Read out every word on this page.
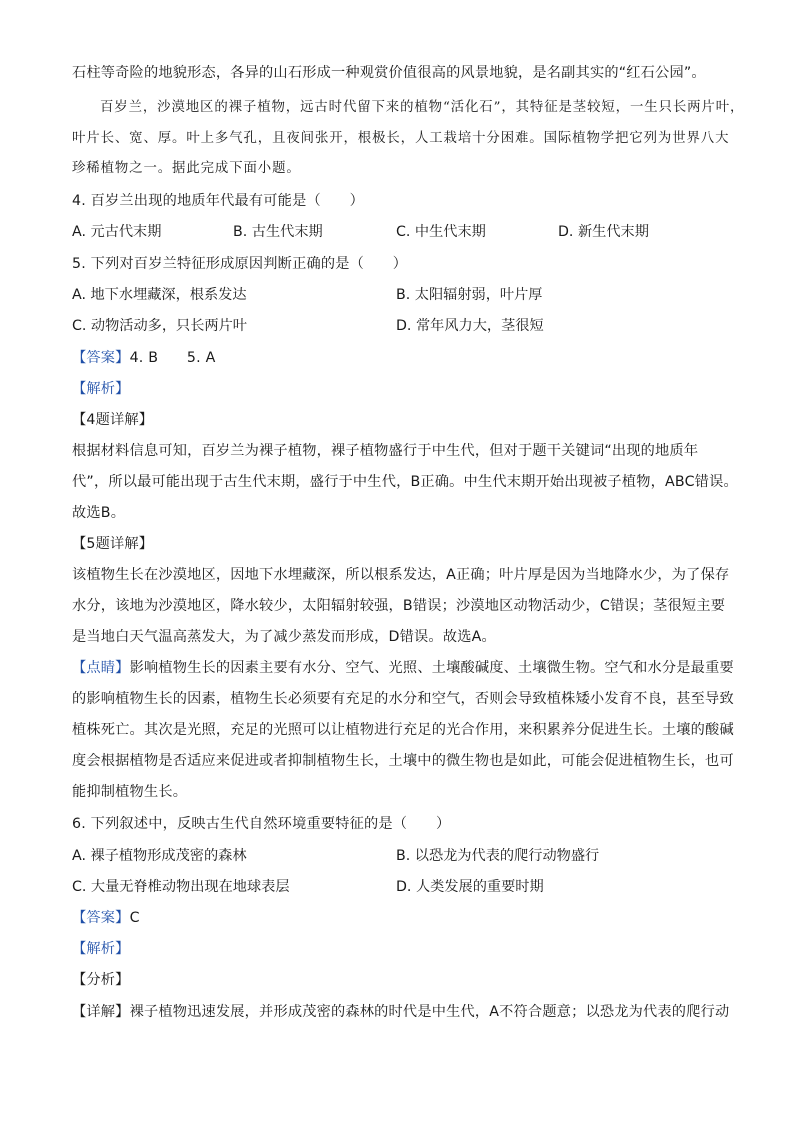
石柱等奇险的地貌形态，各异的山石形成一种观赏价值很高的风景地貌，是名副其实的“红石公园”。
百岁兰，沙漠地区的裸子植物，远古时代留下来的植物“活化石”，其特征是茎较短，一生只长两片叶，
叶片长、宽、厚。叶上多气孔，且夜间张开，根极长，人工栽培十分困难。国际植物学把它列为世界八大
珍稀植物之一。据此完成下面小题。
4. 百岁兰出现的地质年代最有可能是（　　）
A. 元古代末期	B. 古生代末期	C. 中生代末期	D. 新生代末期
5. 下列对百岁兰特征形成原因判断正确的是（　　）
A. 地下水埋藏深，根系发达	B. 太阳辐射弱，叶片厚
C. 动物活动多，只长两片叶	D. 常年风力大，茎很短
【答案】4. B　　5. A
【解析】
【4题详解】
根据材料信息可知，百岁兰为裸子植物，裸子植物盛行于中生代，但对于题干关键词“出现的地质年
代”，所以最可能出现于古生代末期，盛行于中生代，B正确。中生代末期开始出现被子植物，ABC错误。
故选B。
【5题详解】
该植物生长在沙漠地区，因地下水埋藏深，所以根系发达，A正确；叶片厚是因为当地降水少，为了保存
水分，该地为沙漠地区，降水较少，太阳辐射较强，B错误；沙漠地区动物活动少，C错误；茎很短主要
是当地白天气温高蒸发大，为了减少蒸发而形成，D错误。故选A。
【点睛】影响植物生长的因素主要有水分、空气、光照、土壤酸碱度、土壤微生物。空气和水分是最重要
的影响植物生长的因素，植物生长必须要有充足的水分和空气，否则会导致植株矮小发育不良，甚至导致
植株死亡。其次是光照，充足的光照可以让植物进行充足的光合作用，来积累养分促进生长。土壤的酸碱
度会根据植物是否适应来促进或者抑制植物生长，土壤中的微生物也是如此，可能会促进植物生长，也可
能抑制植物生长。
6. 下列叙述中，反映古生代自然环境重要特征的是（　　）
A. 裸子植物形成茂密的森林	B. 以恐龙为代表的爬行动物盛行
C. 大量无脊椎动物出现在地球表层	D. 人类发展的重要时期
【答案】C
【解析】
【分析】
【详解】裸子植物迅速发展，并形成茂密的森林的时代是中生代，A不符合题意；以恐龙为代表的爬行动
